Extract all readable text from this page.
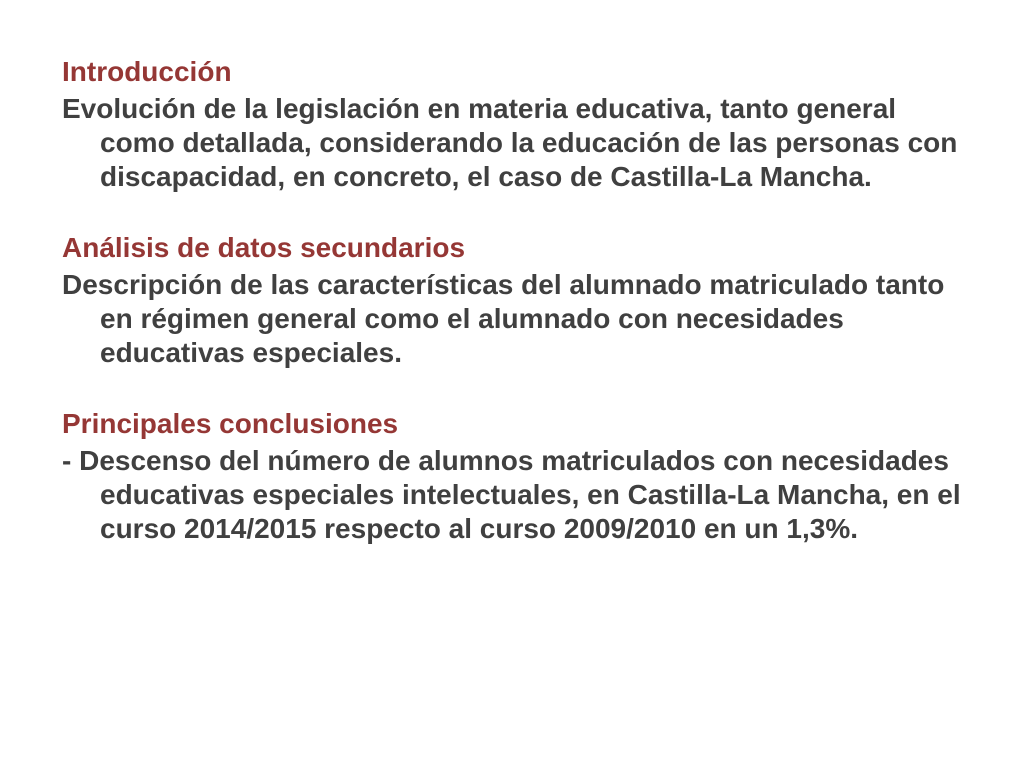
Introducción

Evolución de la legislación en materia educativa, tanto general como detallada, considerando la educación de las personas con discapacidad, en concreto, el caso de Castilla-La Mancha.

Análisis de datos secundarios

Descripción de las características del alumnado matriculado tanto en régimen general como el alumnado con necesidades educativas especiales.

Principales conclusiones

- Descenso del número de alumnos matriculados con necesidades educativas especiales intelectuales, en Castilla-La Mancha, en el curso 2014/2015 respecto al curso 2009/2010 en un 1,3%.
